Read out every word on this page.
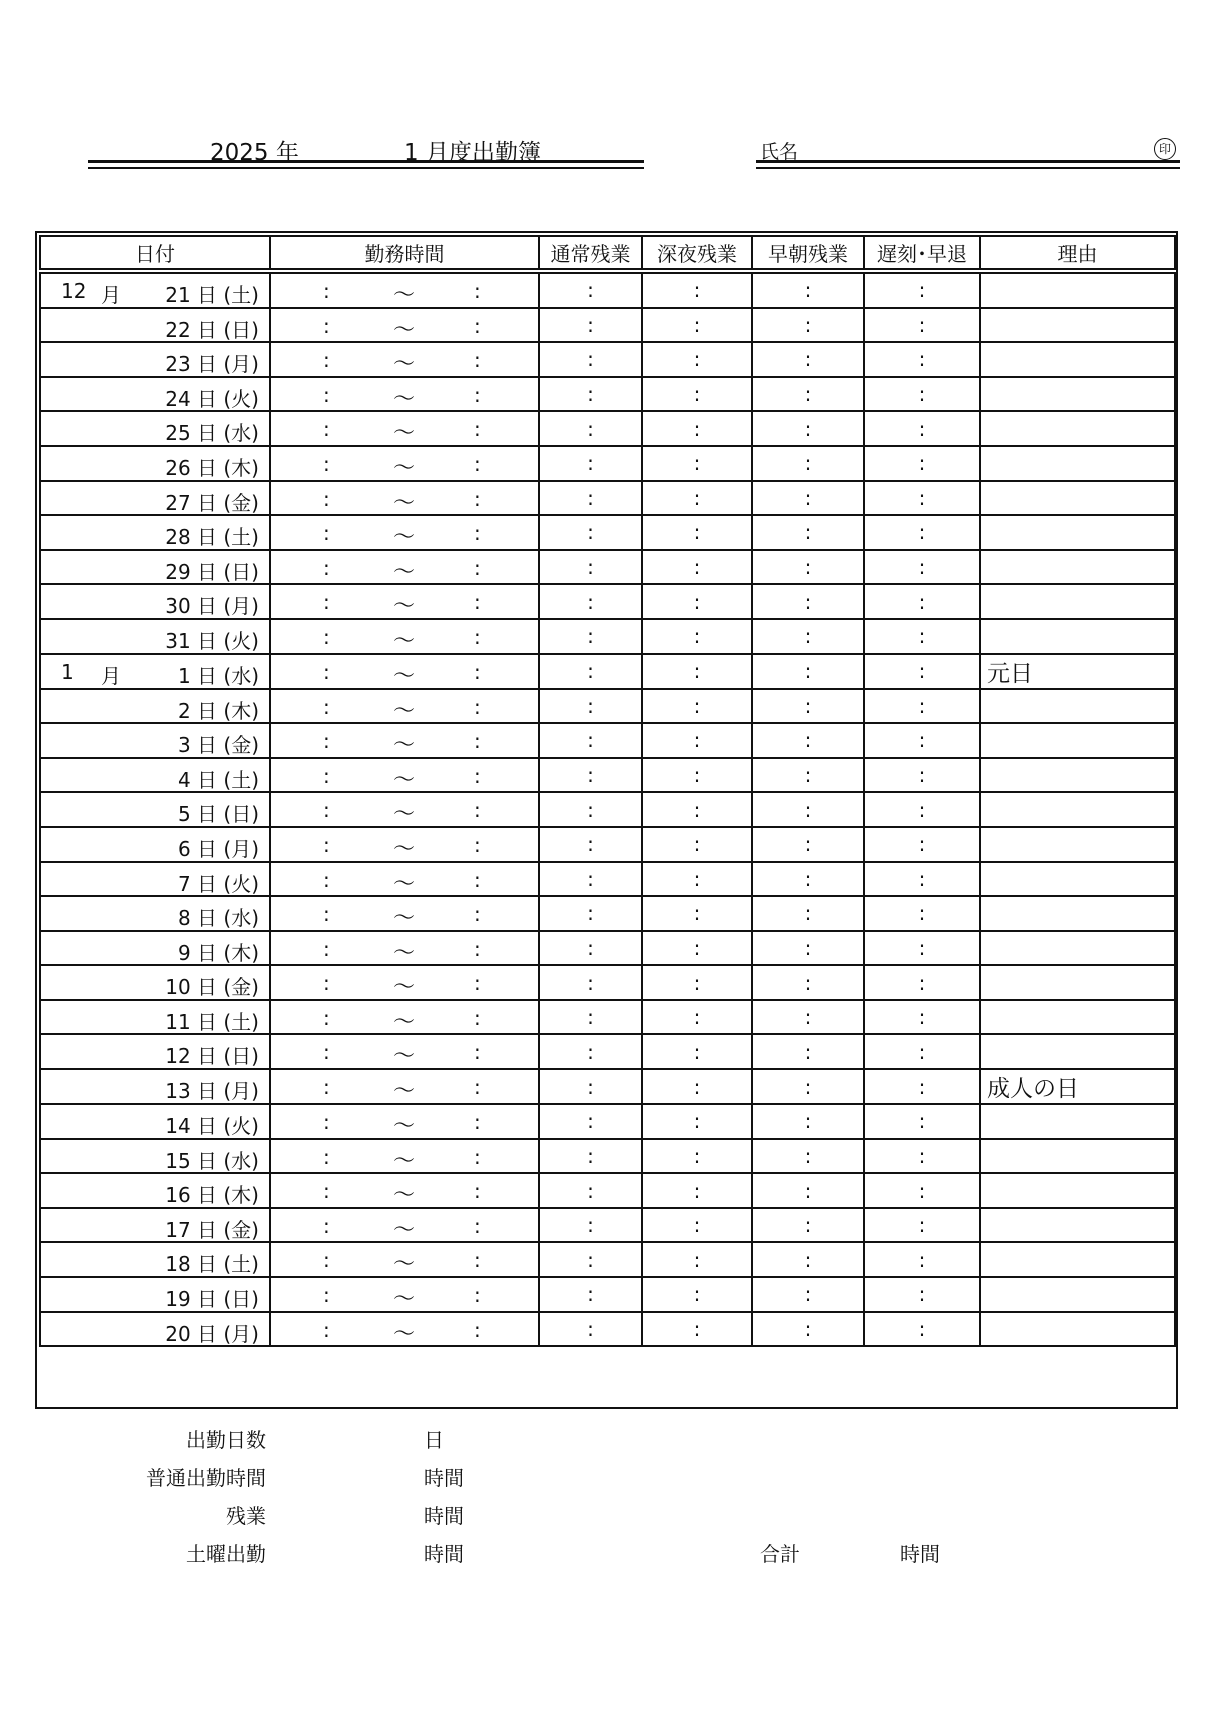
2025 年	1 月度出勤簿	氏名	印
日付	勤務時間	通常残業	深夜残業	早朝残業	遅刻･早退	理由

12 月 21 日 (土)	: ～ :	:	:	:	:	

22 日 (日)	: ～ :	:	:	:	:	

23 日 (月)	: ～ :	:	:	:	:	

24 日 (火)	: ～ :	:	:	:	:	

25 日 (水)	: ～ :	:	:	:	:	

26 日 (木)	: ～ :	:	:	:	:	

27 日 (金)	: ～ :	:	:	:	:	

28 日 (土)	: ～ :	:	:	:	:	

29 日 (日)	: ～ :	:	:	:	:	

30 日 (月)	: ～ :	:	:	:	:	

31 日 (火)	: ～ :	:	:	:	:	

1 月 1 日 (水)	: ～ :	:	:	:	:	元日

2 日 (木)	: ～ :	:	:	:	:	

3 日 (金)	: ～ :	:	:	:	:	

4 日 (土)	: ～ :	:	:	:	:	

5 日 (日)	: ～ :	:	:	:	:	

6 日 (月)	: ～ :	:	:	:	:	

7 日 (火)	: ～ :	:	:	:	:	

8 日 (水)	: ～ :	:	:	:	:	

9 日 (木)	: ～ :	:	:	:	:	

10 日 (金)	: ～ :	:	:	:	:	

11 日 (土)	: ～ :	:	:	:	:	

12 日 (日)	: ～ :	:	:	:	:	

13 日 (月)	: ～ :	:	:	:	:	成人の日

14 日 (火)	: ～ :	:	:	:	:	

15 日 (水)	: ～ :	:	:	:	:	

16 日 (木)	: ～ :	:	:	:	:	

17 日 (金)	: ～ :	:	:	:	:	

18 日 (土)	: ～ :	:	:	:	:	

19 日 (日)	: ～ :	:	:	:	:	

20 日 (月)	: ～ :	:	:	:	:	
出勤日数	日
普通出勤時間	時間
残業	時間
土曜出勤	時間	合計	時間
